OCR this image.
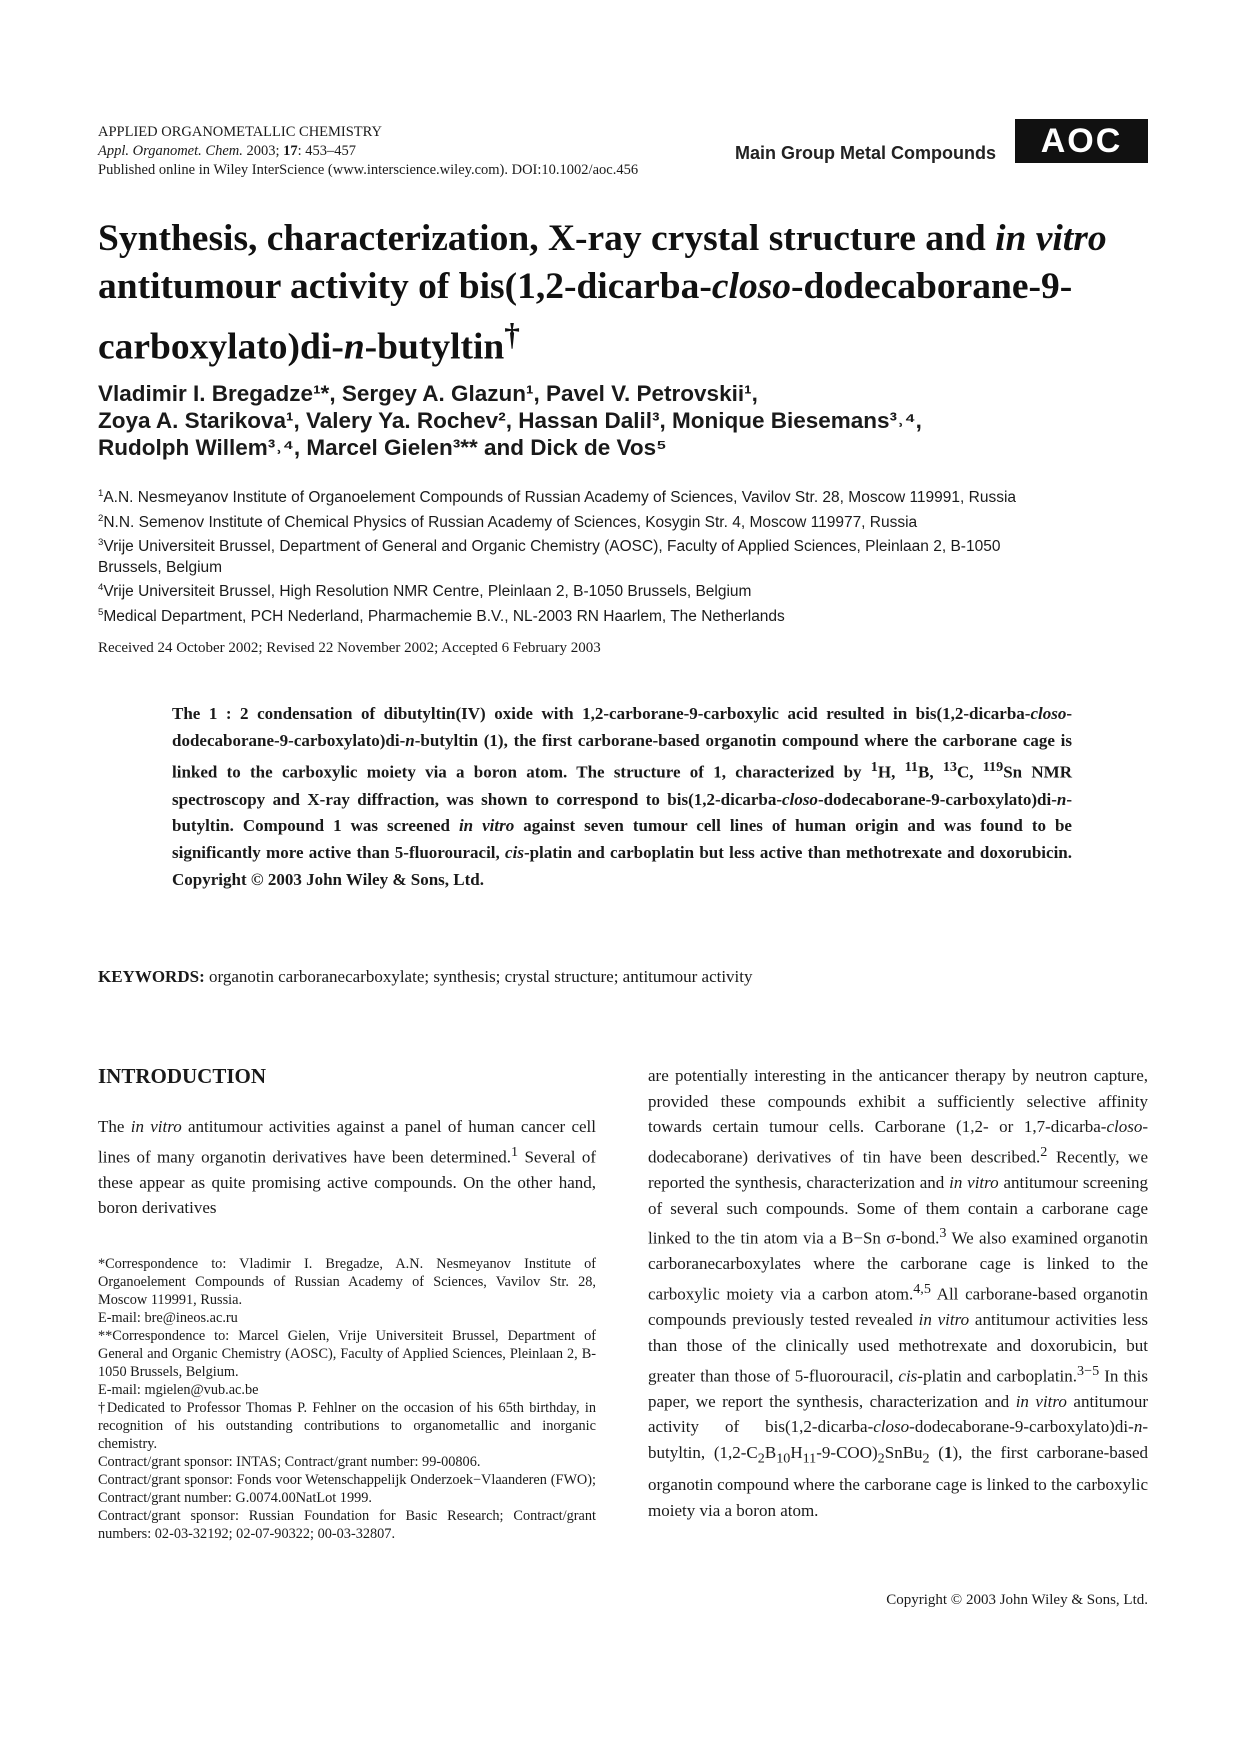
APPLIED ORGANOMETALLIC CHEMISTRY
Appl. Organomet. Chem. 2003; 17: 453–457
Published online in Wiley InterScience (www.interscience.wiley.com). DOI:10.1002/aoc.456
Main Group Metal Compounds	AOC
Synthesis, characterization, X-ray crystal structure and in vitro antitumour activity of bis(1,2-dicarba-closo-dodecaborane-9-carboxylato)di-n-butyltin†
Vladimir I. Bregadze¹*, Sergey A. Glazun¹, Pavel V. Petrovskii¹,
Zoya A. Starikova¹, Valery Ya. Rochev², Hassan Dalil³, Monique Biesemans³˒⁴,
Rudolph Willem³˒⁴, Marcel Gielen³** and Dick de Vos⁵
$^1$A.N. Nesmeyanov Institute of Organoelement Compounds of Russian Academy of Sciences, Vavilov Str. 28, Moscow 119991, Russia
$^2$N.N. Semenov Institute of Chemical Physics of Russian Academy of Sciences, Kosygin Str. 4, Moscow 119977, Russia
$^3$Vrije Universiteit Brussel, Department of General and Organic Chemistry (AOSC), Faculty of Applied Sciences, Pleinlaan 2, B-1050
Brussels, Belgium
$^4$Vrije Universiteit Brussel, High Resolution NMR Centre, Pleinlaan 2, B-1050 Brussels, Belgium
$^5$Medical Department, PCH Nederland, Pharmachemie B.V., NL-2003 RN Haarlem, The Netherlands
Received 24 October 2002; Revised 22 November 2002; Accepted 6 February 2003
The 1 : 2 condensation of dibutyltin(IV) oxide with 1,2-carborane-9-carboxylic acid resulted in bis(1,2-dicarba-closo-dodecaborane-9-carboxylato)di-n-butyltin (1), the first carborane-based organotin compound where the carborane cage is linked to the carboxylic moiety via a boron atom. The structure of 1, characterized by $^1$H, $^{11}$B, $^{13}$C, $^{119}$Sn NMR spectroscopy and X-ray diffraction, was shown to correspond to bis(1,2-dicarba-closo-dodecaborane-9-carboxylato)di-n-butyltin. Compound 1 was screened in vitro against seven tumour cell lines of human origin and was found to be significantly more active than 5-fluorouracil, cis-platin and carboplatin but less active than methotrexate and doxorubicin. Copyright © 2003 John Wiley & Sons, Ltd.
KEYWORDS: organotin carboranecarboxylate; synthesis; crystal structure; antitumour activity
INTRODUCTION

The in vitro antitumour activities against a panel of human cancer cell lines of many organotin derivatives have been determined.$^1$ Several of these appear as quite promising active compounds. On the other hand, boron derivatives

*Correspondence to: Vladimir I. Bregadze, A.N. Nesmeyanov Institute of Organoelement Compounds of Russian Academy of Sciences, Vavilov Str. 28, Moscow 119991, Russia.

E-mail: bre@ineos.ac.ru

**Correspondence to: Marcel Gielen, Vrije Universiteit Brussel, Department of General and Organic Chemistry (AOSC), Faculty of Applied Sciences, Pleinlaan 2, B-1050 Brussels, Belgium.

E-mail: mgielen@vub.ac.be

†Dedicated to Professor Thomas P. Fehlner on the occasion of his 65th birthday, in recognition of his outstanding contributions to organometallic and inorganic chemistry.

Contract/grant sponsor: INTAS; Contract/grant number: 99-00806.

Contract/grant sponsor: Fonds voor Wetenschappelijk Onderzoek−Vlaanderen (FWO); Contract/grant number: G.0074.00NatLot 1999.

Contract/grant sponsor: Russian Foundation for Basic Research; Contract/grant numbers: 02-03-32192; 02-07-90322; 00-03-32807.

are potentially interesting in the anticancer therapy by neutron capture, provided these compounds exhibit a sufficiently selective affinity towards certain tumour cells. Carborane (1,2- or 1,7-dicarba-closo-dodecaborane) derivatives of tin have been described.$^2$ Recently, we reported the synthesis, characterization and in vitro antitumour screening of several such compounds. Some of them contain a carborane cage linked to the tin atom via a B−Sn σ-bond.$^3$ We also examined organotin carboranecarboxylates where the carborane cage is linked to the carboxylic moiety via a carbon atom.$^{4,5}$ All carborane-based organotin compounds previously tested revealed in vitro antitumour activities less than those of the clinically used methotrexate and doxorubicin, but greater than those of 5-fluorouracil, cis-platin and carboplatin.$^{3-5}$ In this paper, we report the synthesis, characterization and in vitro antitumour activity of bis(1,2-dicarba-closo-dodecaborane-9-carboxylato)di-n-butyltin, $(1,2-C_2B_{10}H_{11}-9-COO)_2SnBu_2$ (1), the first carborane-based organotin compound where the carborane cage is linked to the carboxylic moiety via a boron atom.

Copyright © 2003 John Wiley & Sons, Ltd.
